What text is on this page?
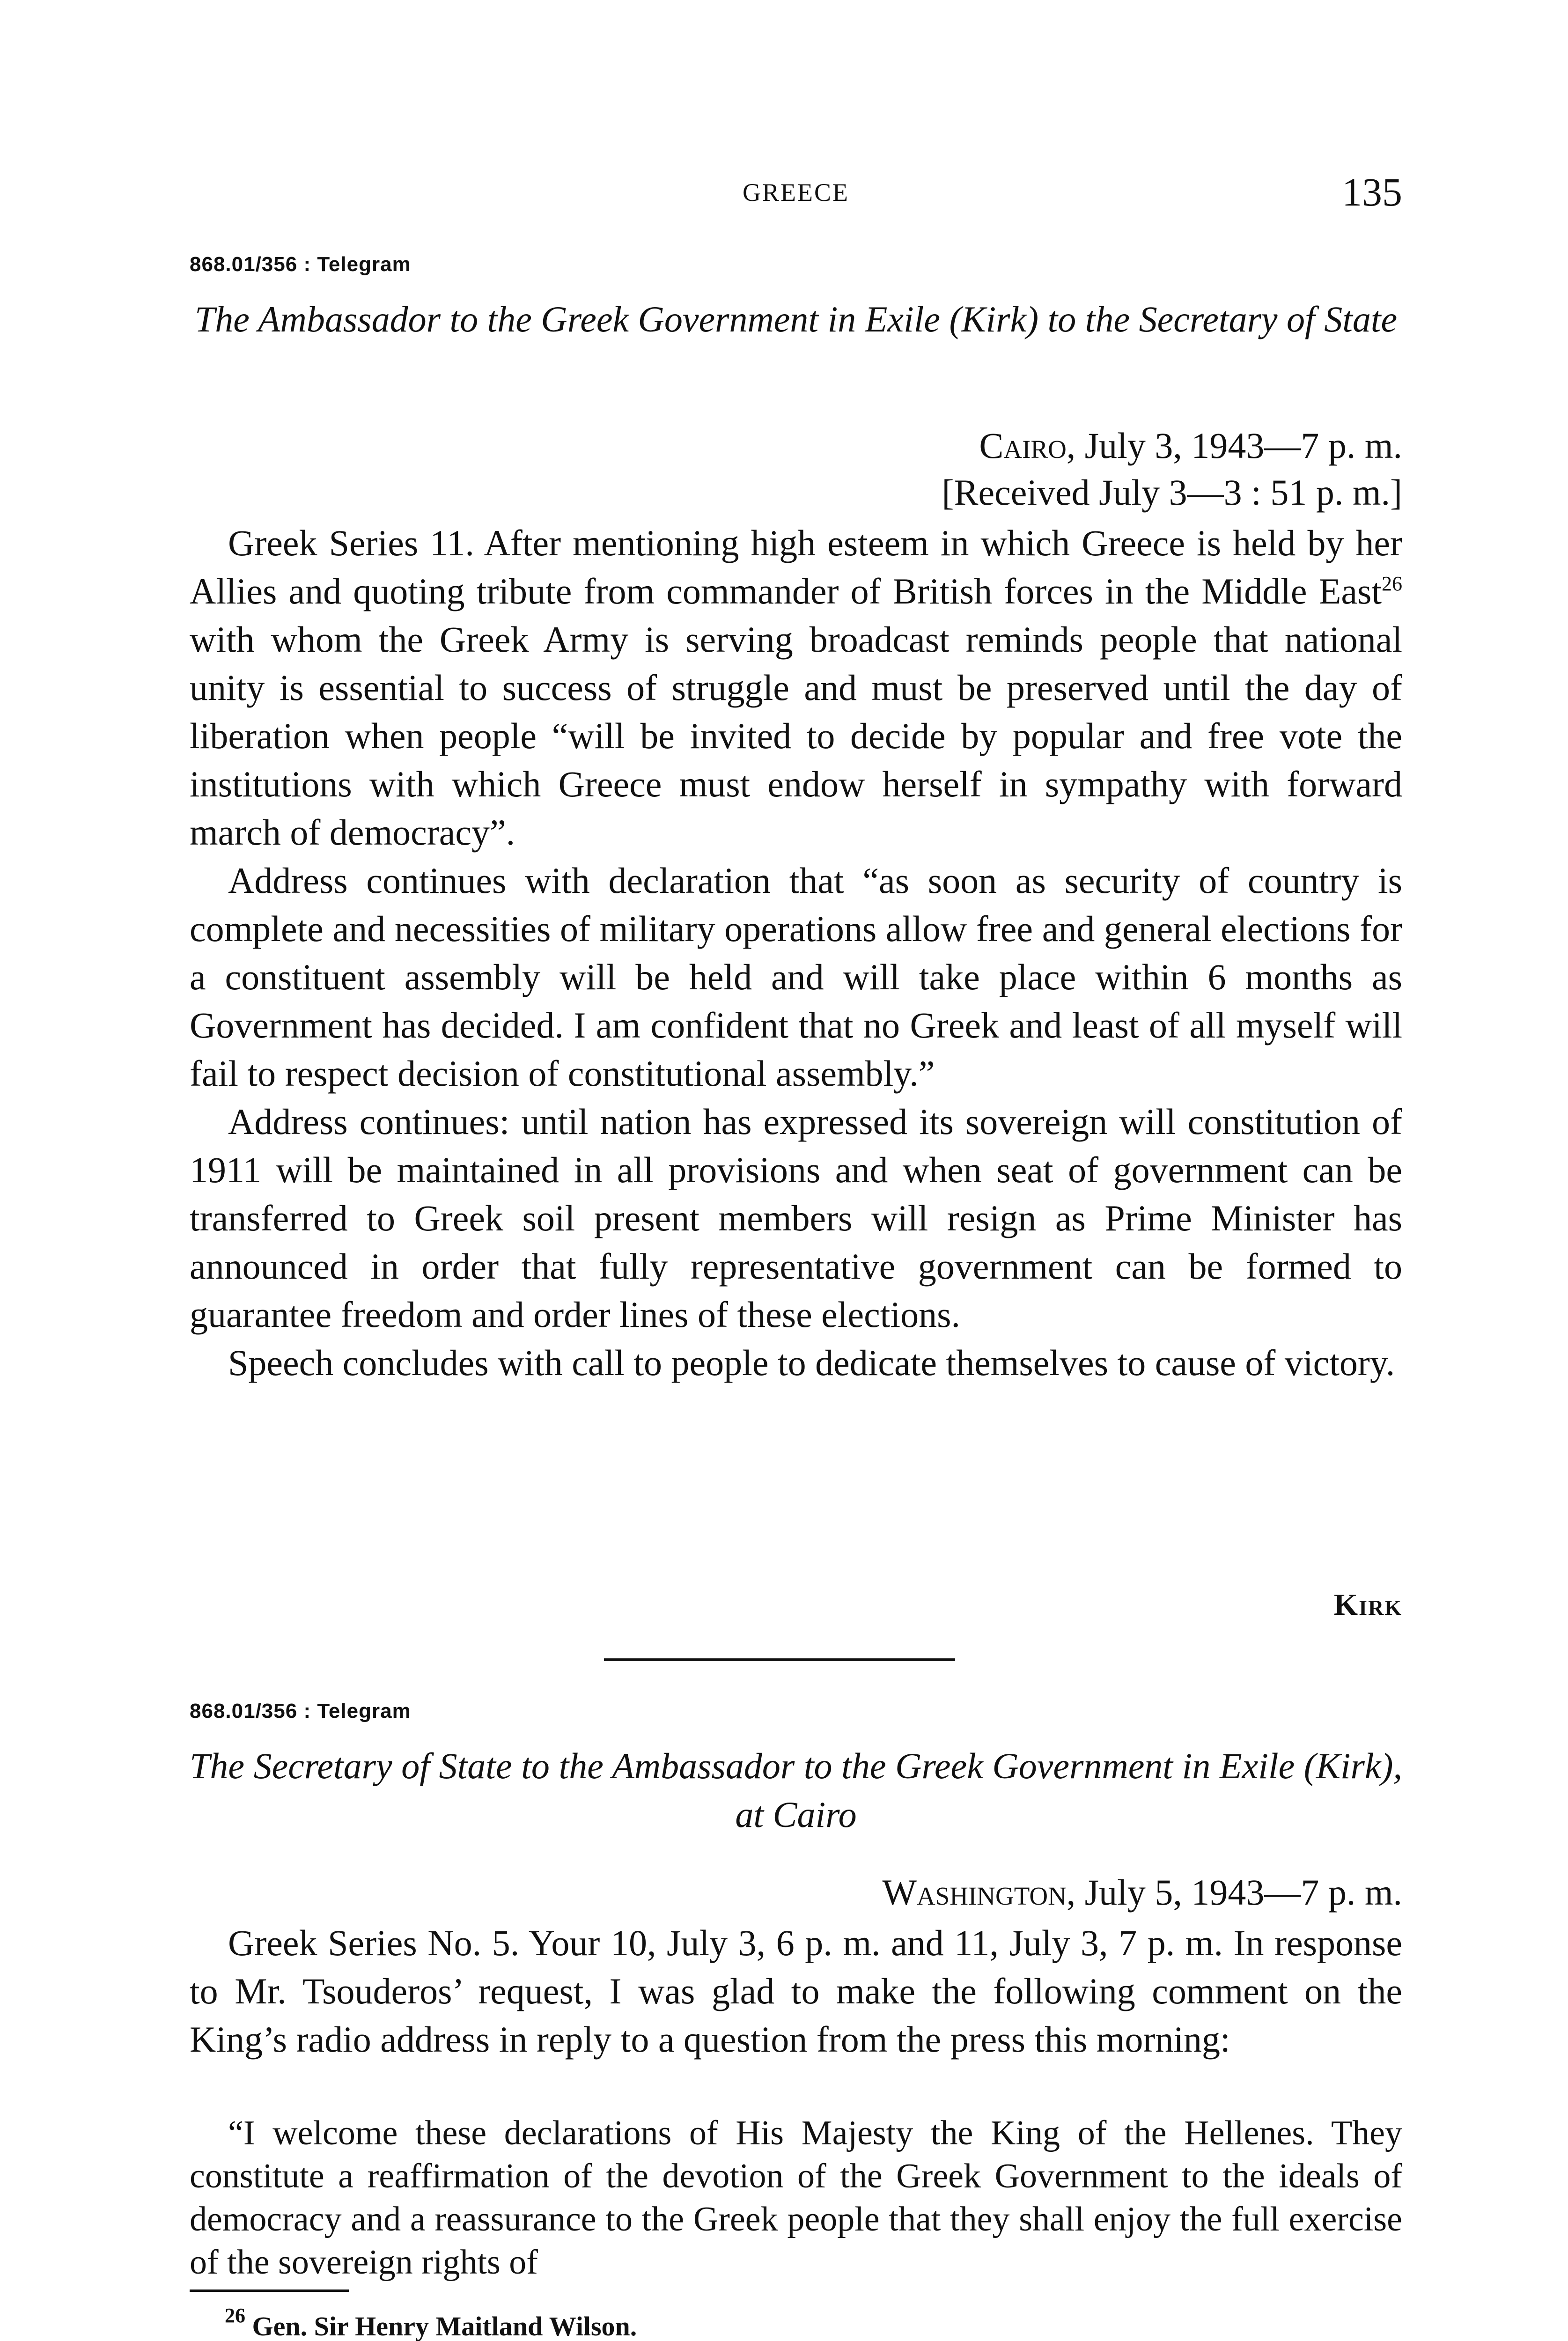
GREECE	135
868.01/356 : Telegram
The Ambassador to the Greek Government in Exile (Kirk) to the Secretary of State
Cairo, July 3, 1943—7 p. m.
[Received July 3—3 : 51 p. m.]

Greek Series 11. After mentioning high esteem in which Greece is held by her Allies and quoting tribute from commander of British forces in the Middle East$^{26}$ with whom the Greek Army is serving broadcast reminds people that national unity is essential to success of struggle and must be preserved until the day of liberation when people “will be invited to decide by popular and free vote the institutions with which Greece must endow herself in sympathy with forward march of democracy”.

Address continues with declaration that “as soon as security of country is complete and necessities of military operations allow free and general elections for a constituent assembly will be held and will take place within 6 months as Government has decided. I am confident that no Greek and least of all myself will fail to respect decision of constitutional assembly.”

Address continues: until nation has expressed its sovereign will constitution of 1911 will be maintained in all provisions and when seat of government can be transferred to Greek soil present members will resign as Prime Minister has announced in order that fully representative government can be formed to guarantee freedom and order lines of these elections.

Speech concludes with call to people to dedicate themselves to cause of victory.

Kirk
868.01/356 : Telegram
The Secretary of State to the Ambassador to the Greek Government in Exile (Kirk), at Cairo
Washington, July 5, 1943—7 p. m.

Greek Series No. 5. Your 10, July 3, 6 p. m. and 11, July 3, 7 p. m. In response to Mr. Tsouderos’ request, I was glad to make the following comment on the King’s radio address in reply to a question from the press this morning:

“I welcome these declarations of His Majesty the King of the Hellenes. They constitute a reaffirmation of the devotion of the Greek Government to the ideals of democracy and a reassurance to the Greek people that they shall enjoy the full exercise of the sovereign rights of

$^{26}$ Gen. Sir Henry Maitland Wilson.
